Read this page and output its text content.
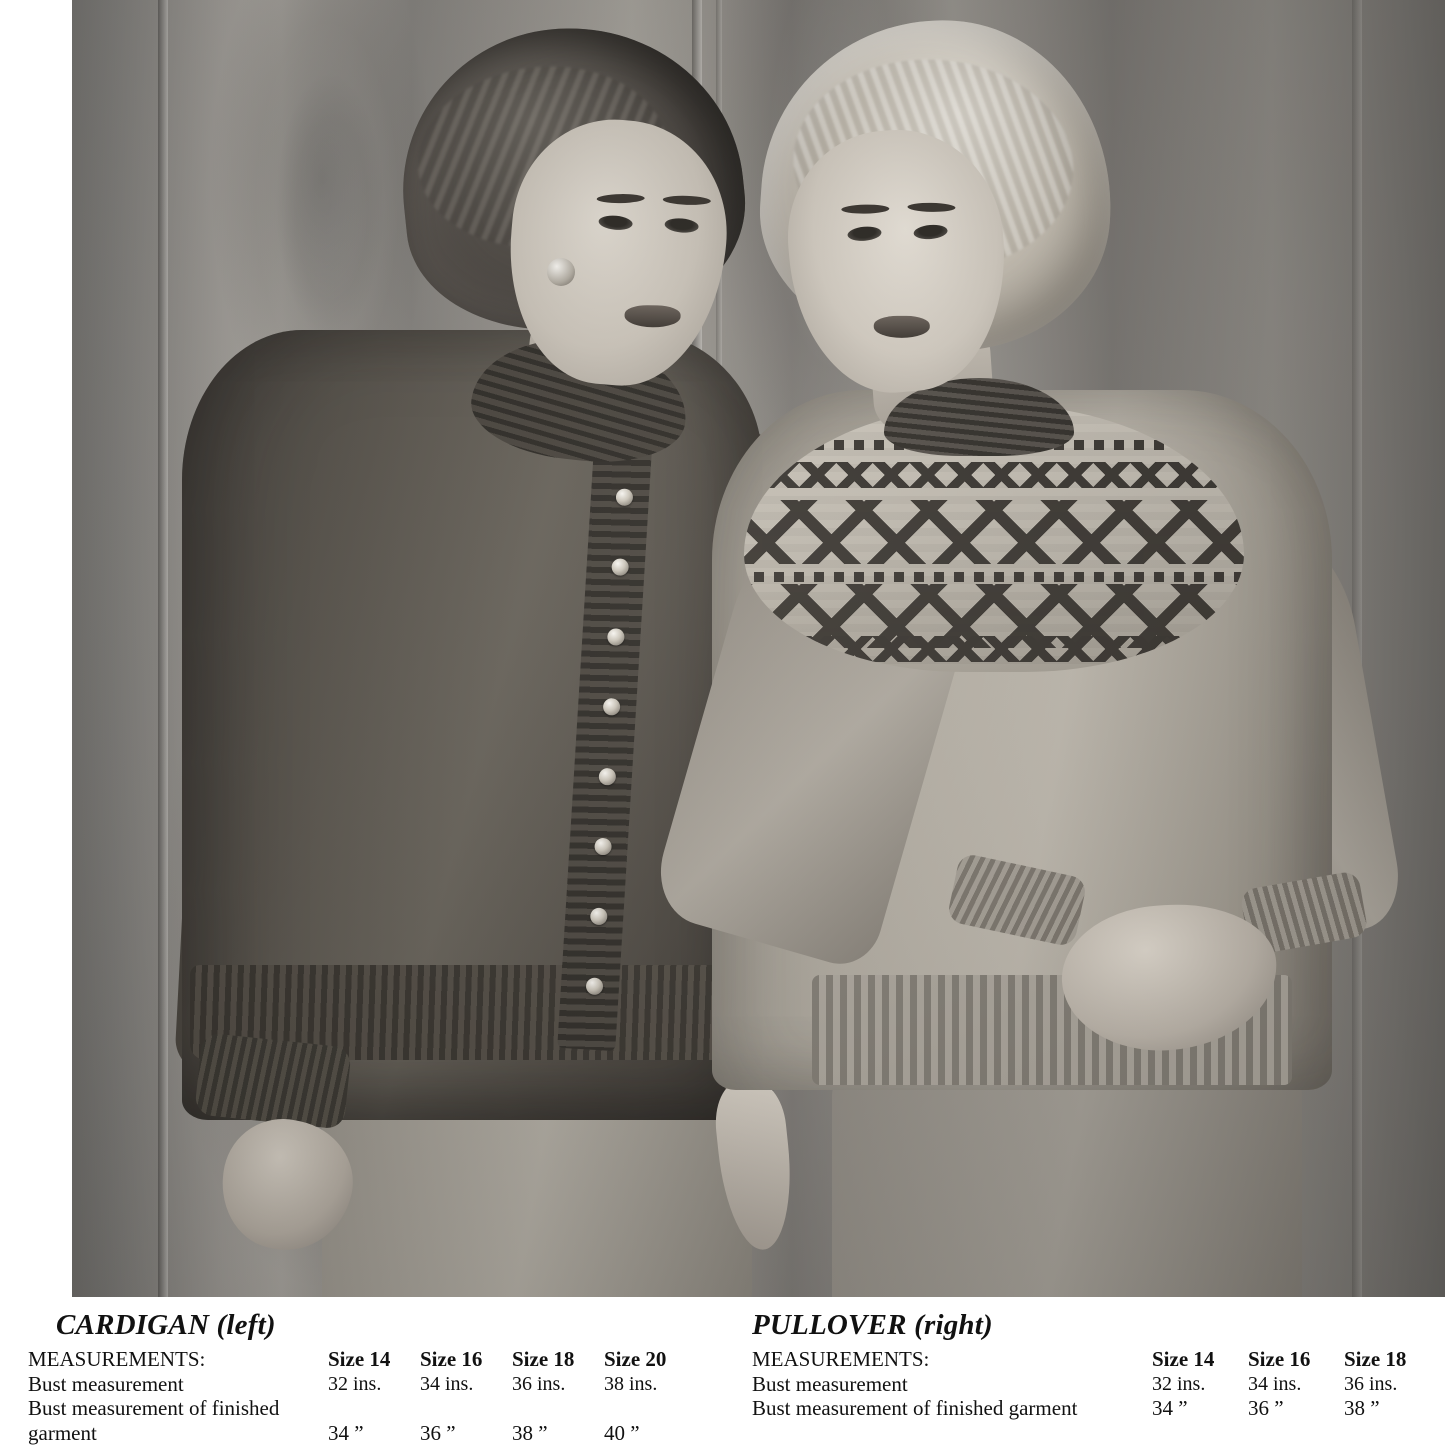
CARDIGAN (left)
MEASUREMENTS:	Size 14	Size 16	Size 18	Size 20
Bust measurement	32 ins.	34 ins.	36 ins.	38 ins.
Bust measurement of finished				
garment	34 ”	36 ”	38 ”	40 ”
PULLOVER (right)
MEASUREMENTS:	Size 14	Size 16	Size 18
Bust measurement	32 ins.	34 ins.	36 ins.
Bust measurement of finished garment	34 ”	36 ”	38 ”
